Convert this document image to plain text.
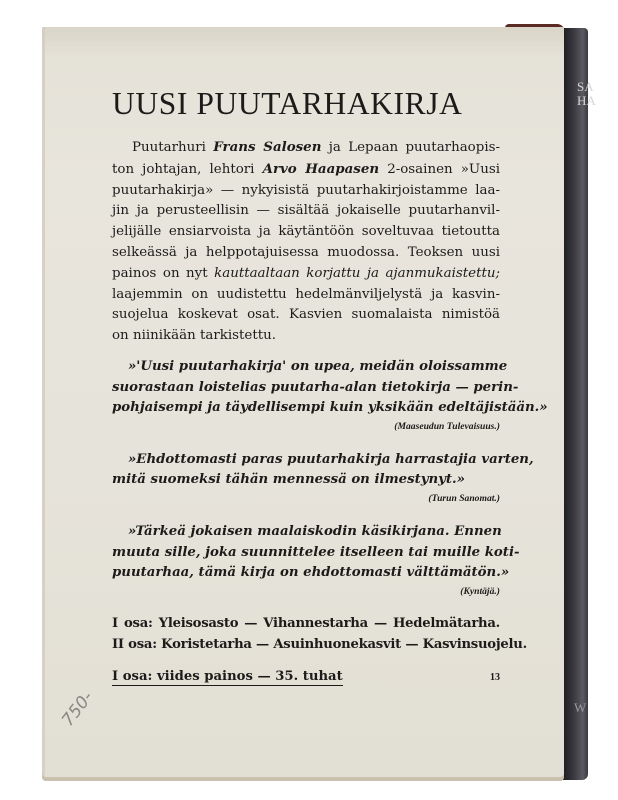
SA
HA
W
UUSI PUUTARHAKIRJA
Puutarhuri Frans Salosen ja Lepaan puutarhaopis-
ton johtajan, lehtori Arvo Haapasen 2-osainen »Uusi
puutarhakirja» — nykyisistä puutarhakirjoistamme laa-
jin ja perusteellisin — sisältää jokaiselle puutarhanvil-
jelijälle ensiarvoista ja käytäntöön soveltuvaa tietoutta
selkeässä ja helppotajuisessa muodossa. Teoksen uusi
painos on nyt kauttaaltaan korjattu ja ajanmukaistettu;
laajemmin on uudistettu hedelmänviljelystä ja kasvin-
suojelua koskevat osat. Kasvien suomalaista nimistöä
on niinikään tarkistettu.
»'Uusi puutarhakirja' on upea, meidän oloissamme
suorastaan loistelias puutarha-alan tietokirja — perin-
pohjaisempi ja täydellisempi kuin yksikään edeltäjistään.»
(Maaseudun Tulevaisuus.)
»Ehdottomasti paras puutarhakirja harrastajia varten,
mitä suomeksi tähän mennessä on ilmestynyt.»
(Turun Sanomat.)
»Tärkeä jokaisen maalaiskodin käsikirjana. Ennen
muuta sille, joka suunnittelee itselleen tai muille koti-
puutarhaa, tämä kirja on ehdottomasti välttämätön.»
(Kyntäjä.)
I osa: Yleisosasto — Vihannestarha — Hedelmätarha.
II osa: Koristetarha — Asuinhuonekasvit — Kasvinsuojelu.
I osa: viides painos — 35. tuhat	13
750-
